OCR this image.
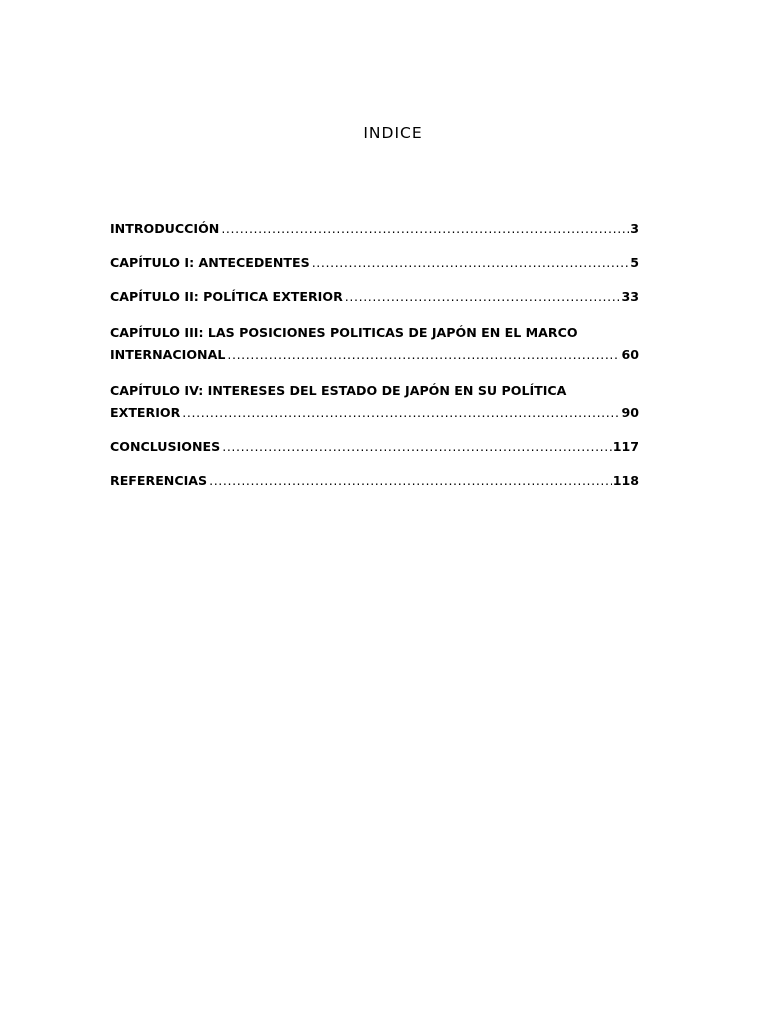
INDICE
INTRODUCCIÓN .....	3
CAPÍTULO I: ANTECEDENTES .....	5
CAPÍTULO II: POLÍTICA EXTERIOR .....	33
CAPÍTULO III: LAS POSICIONES POLITICAS DE JAPÓN EN EL MARCO
INTERNACIONAL .....	60
CAPÍTULO IV: INTERESES DEL ESTADO DE JAPÓN EN SU POLÍTICA
EXTERIOR .....	90
CONCLUSIONES .....	117
REFERENCIAS .....	118
